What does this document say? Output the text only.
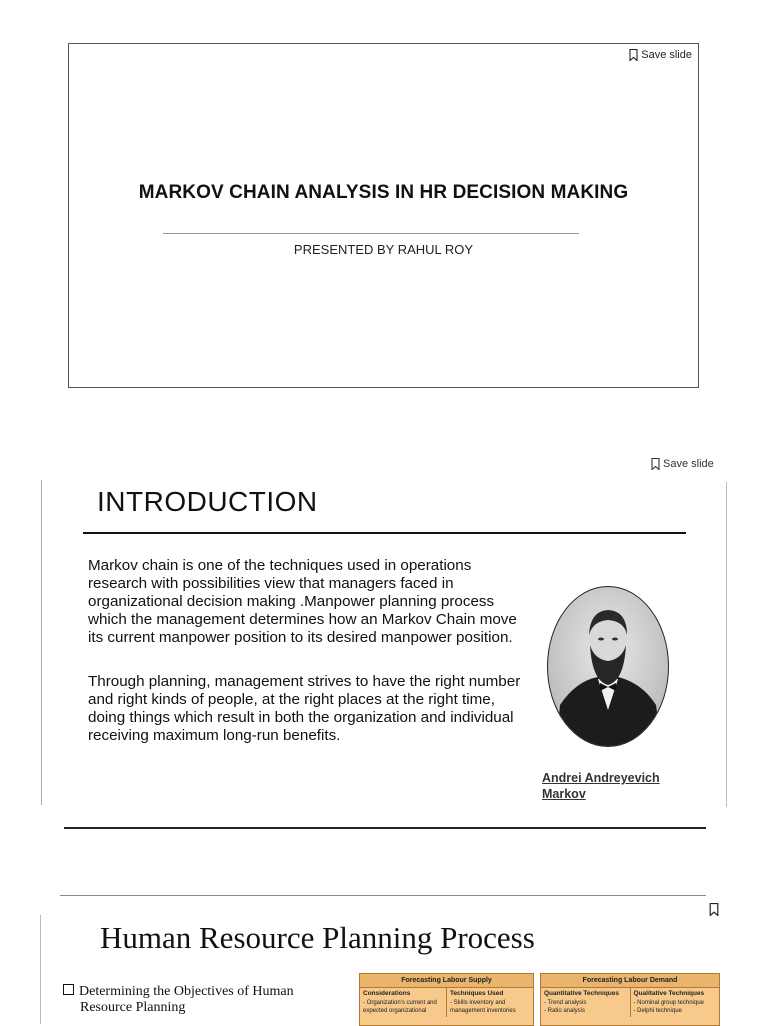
Save slide
MARKOV CHAIN ANALYSIS IN HR DECISION MAKING
PRESENTED BY RAHUL ROY
Save slide
INTRODUCTION
Markov chain is one of the techniques used in operations research with possibilities view that managers faced in organizational decision making .Manpower planning process which the management determines how an Markov Chain move its current manpower position to its desired manpower position.
Through planning, management strives to have the right number and right kinds of people, at the right places at the right time, doing things which result in both the organization and individual receiving maximum long-run benefits.
Andrei Andreyevich
Markov
Human Resource Planning Process
Determining the Objectives of Human
Resource Planning
Forecasting Labour Supply
Considerations
- Organization's current and
expected organizational
Techniques Used
- Skills inventory and
management inventories
Forecasting Labour Demand
Quantitative Techniques
- Trend analysis
- Ratio analysis
Qualitative Techniques
- Nominal group technique
- Delphi technique
